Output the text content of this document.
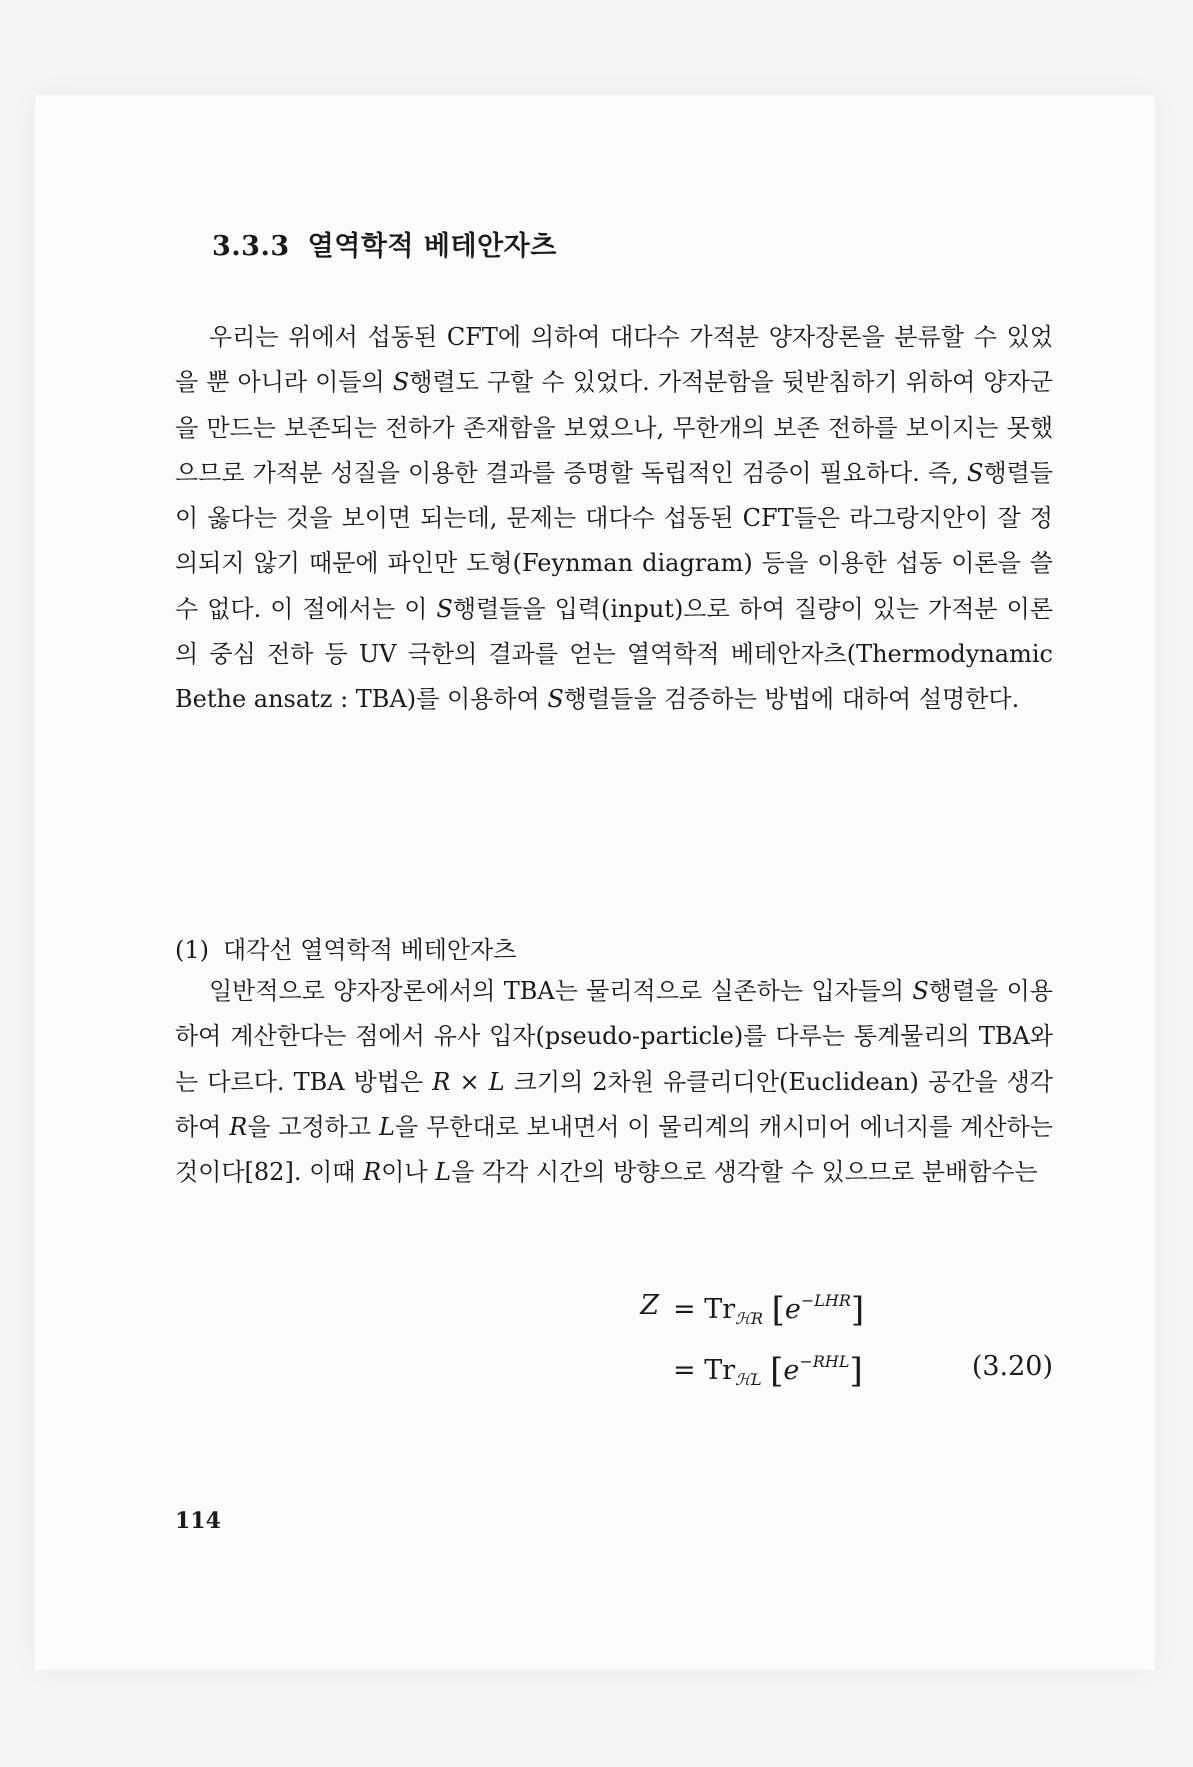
3.3.3 열역학적 베테안자츠

우리는 위에서 섭동된 CFT에 의하여 대다수 가적분 양자장론을 분류할 수 있었을 뿐 아니라 이들의 S행렬도 구할 수 있었다. 가적분함을 뒷받침하기 위하여 양자군을 만드는 보존되는 전하가 존재함을 보였으나, 무한개의 보존 전하를 보이지는 못했으므로 가적분 성질을 이용한 결과를 증명할 독립적인 검증이 필요하다. 즉, S행렬들이 옳다는 것을 보이면 되는데, 문제는 대다수 섭동된 CFT들은 라그랑지안이 잘 정의되지 않기 때문에 파인만 도형(Feynman diagram) 등을 이용한 섭동 이론을 쓸 수 없다. 이 절에서는 이 S행렬들을 입력(input)으로 하여 질량이 있는 가적분 이론의 중심 전하 등 UV 극한의 결과를 얻는 열역학적 베테안자츠(Thermodynamic Bethe ansatz : TBA)를 이용하여 S행렬들을 검증하는 방법에 대하여 설명한다.

(1) 대각선 열역학적 베테안자츠

일반적으로 양자장론에서의 TBA는 물리적으로 실존하는 입자들의 S행렬을 이용하여 계산한다는 점에서 유사 입자(pseudo-particle)를 다루는 통계물리의 TBA와는 다르다. TBA 방법은 R × L 크기의 2차원 유클리디안(Euclidean) 공간을 생각하여 R을 고정하고 L을 무한대로 보내면서 이 물리계의 캐시미어 에너지를 계산하는 것이다[82]. 이때 R이나 L을 각각 시간의 방향으로 생각할 수 있으므로 분배함수는

$Z = Tr_{ℋR}$ $[e^{-LHR}]$
= $Tr_{ℋL}$ $[e^{-RHL}]$	(3.20)
114
